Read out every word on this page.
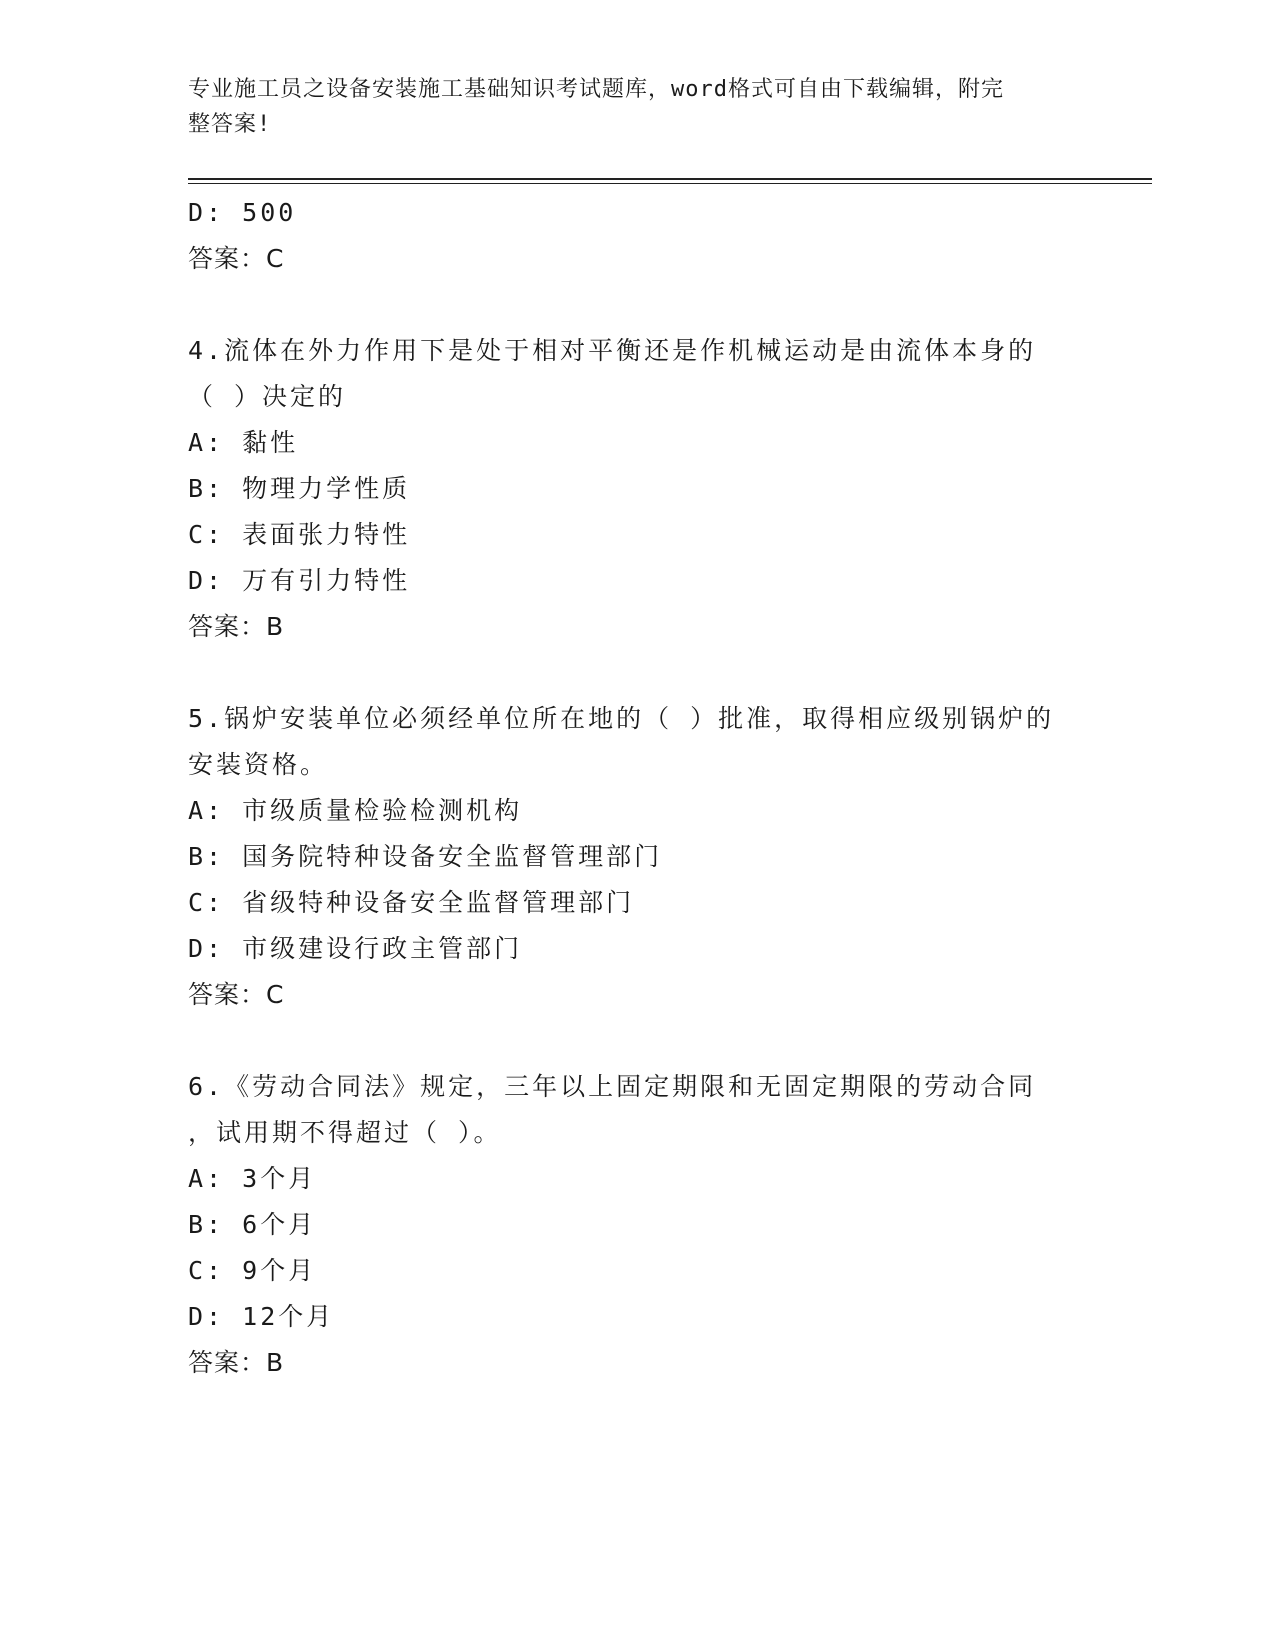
专业施工员之设备安装施工基础知识考试题库，word格式可自由下载编辑，附完
整答案!
D: 500
答案：C
4.流体在外力作用下是处于相对平衡还是作机械运动是由流体本身的
（ ）决定的
A: 黏性
B: 物理力学性质
C: 表面张力特性
D: 万有引力特性
答案：B
5.锅炉安装单位必须经单位所在地的（ ）批准，取得相应级别锅炉的
安装资格。
A: 市级质量检验检测机构
B: 国务院特种设备安全监督管理部门
C: 省级特种设备安全监督管理部门
D: 市级建设行政主管部门
答案：C
6.《劳动合同法》规定，三年以上固定期限和无固定期限的劳动合同
，试用期不得超过（ ）。
A: 3个月
B: 6个月
C: 9个月
D: 12个月
答案：B
